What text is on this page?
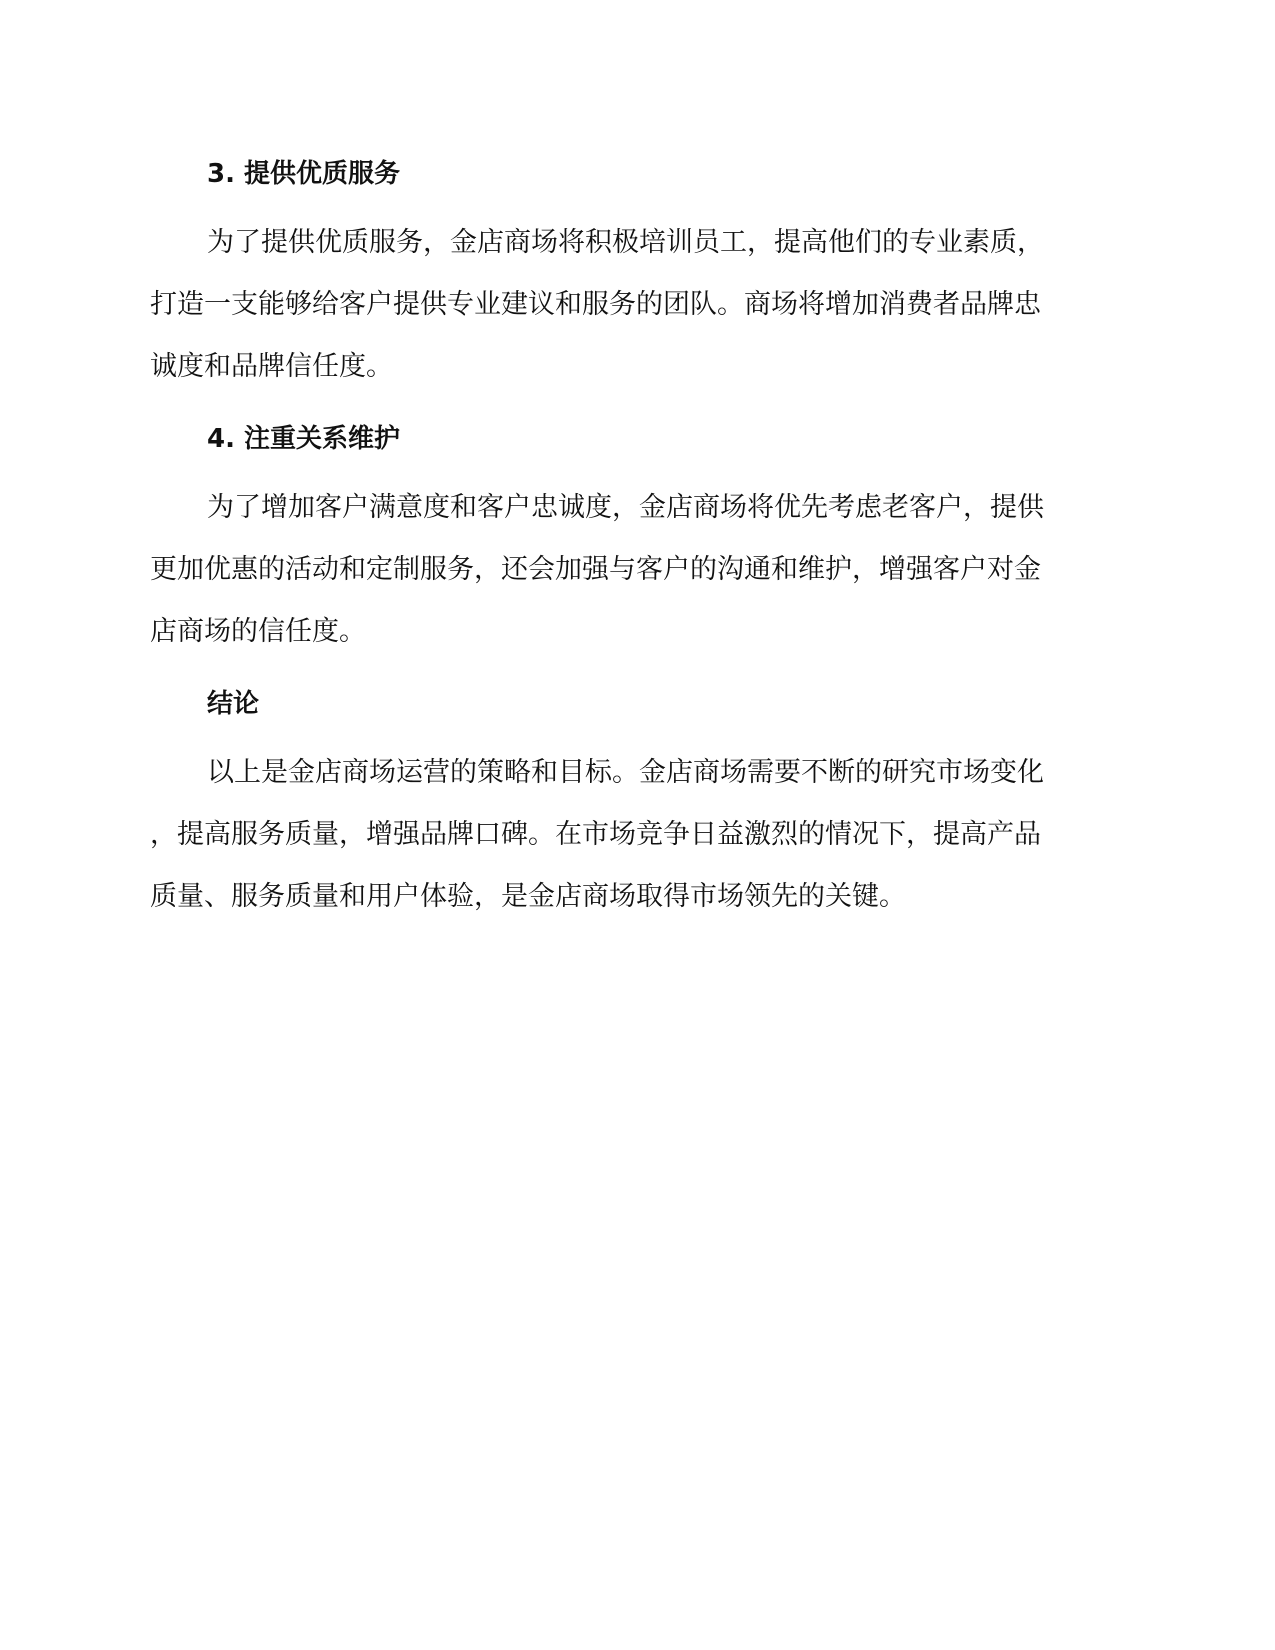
3. 提供优质服务
为了提供优质服务，金店商场将积极培训员工，提高他们的专业素质，
打造一支能够给客户提供专业建议和服务的团队。商场将增加消费者品牌忠
诚度和品牌信任度。
4. 注重关系维护
为了增加客户满意度和客户忠诚度，金店商场将优先考虑老客户，提供
更加优惠的活动和定制服务，还会加强与客户的沟通和维护，增强客户对金
店商场的信任度。
结论
以上是金店商场运营的策略和目标。金店商场需要不断的研究市场变化
，提高服务质量，增强品牌口碑。在市场竞争日益激烈的情况下，提高产品
质量、服务质量和用户体验，是金店商场取得市场领先的关键。
